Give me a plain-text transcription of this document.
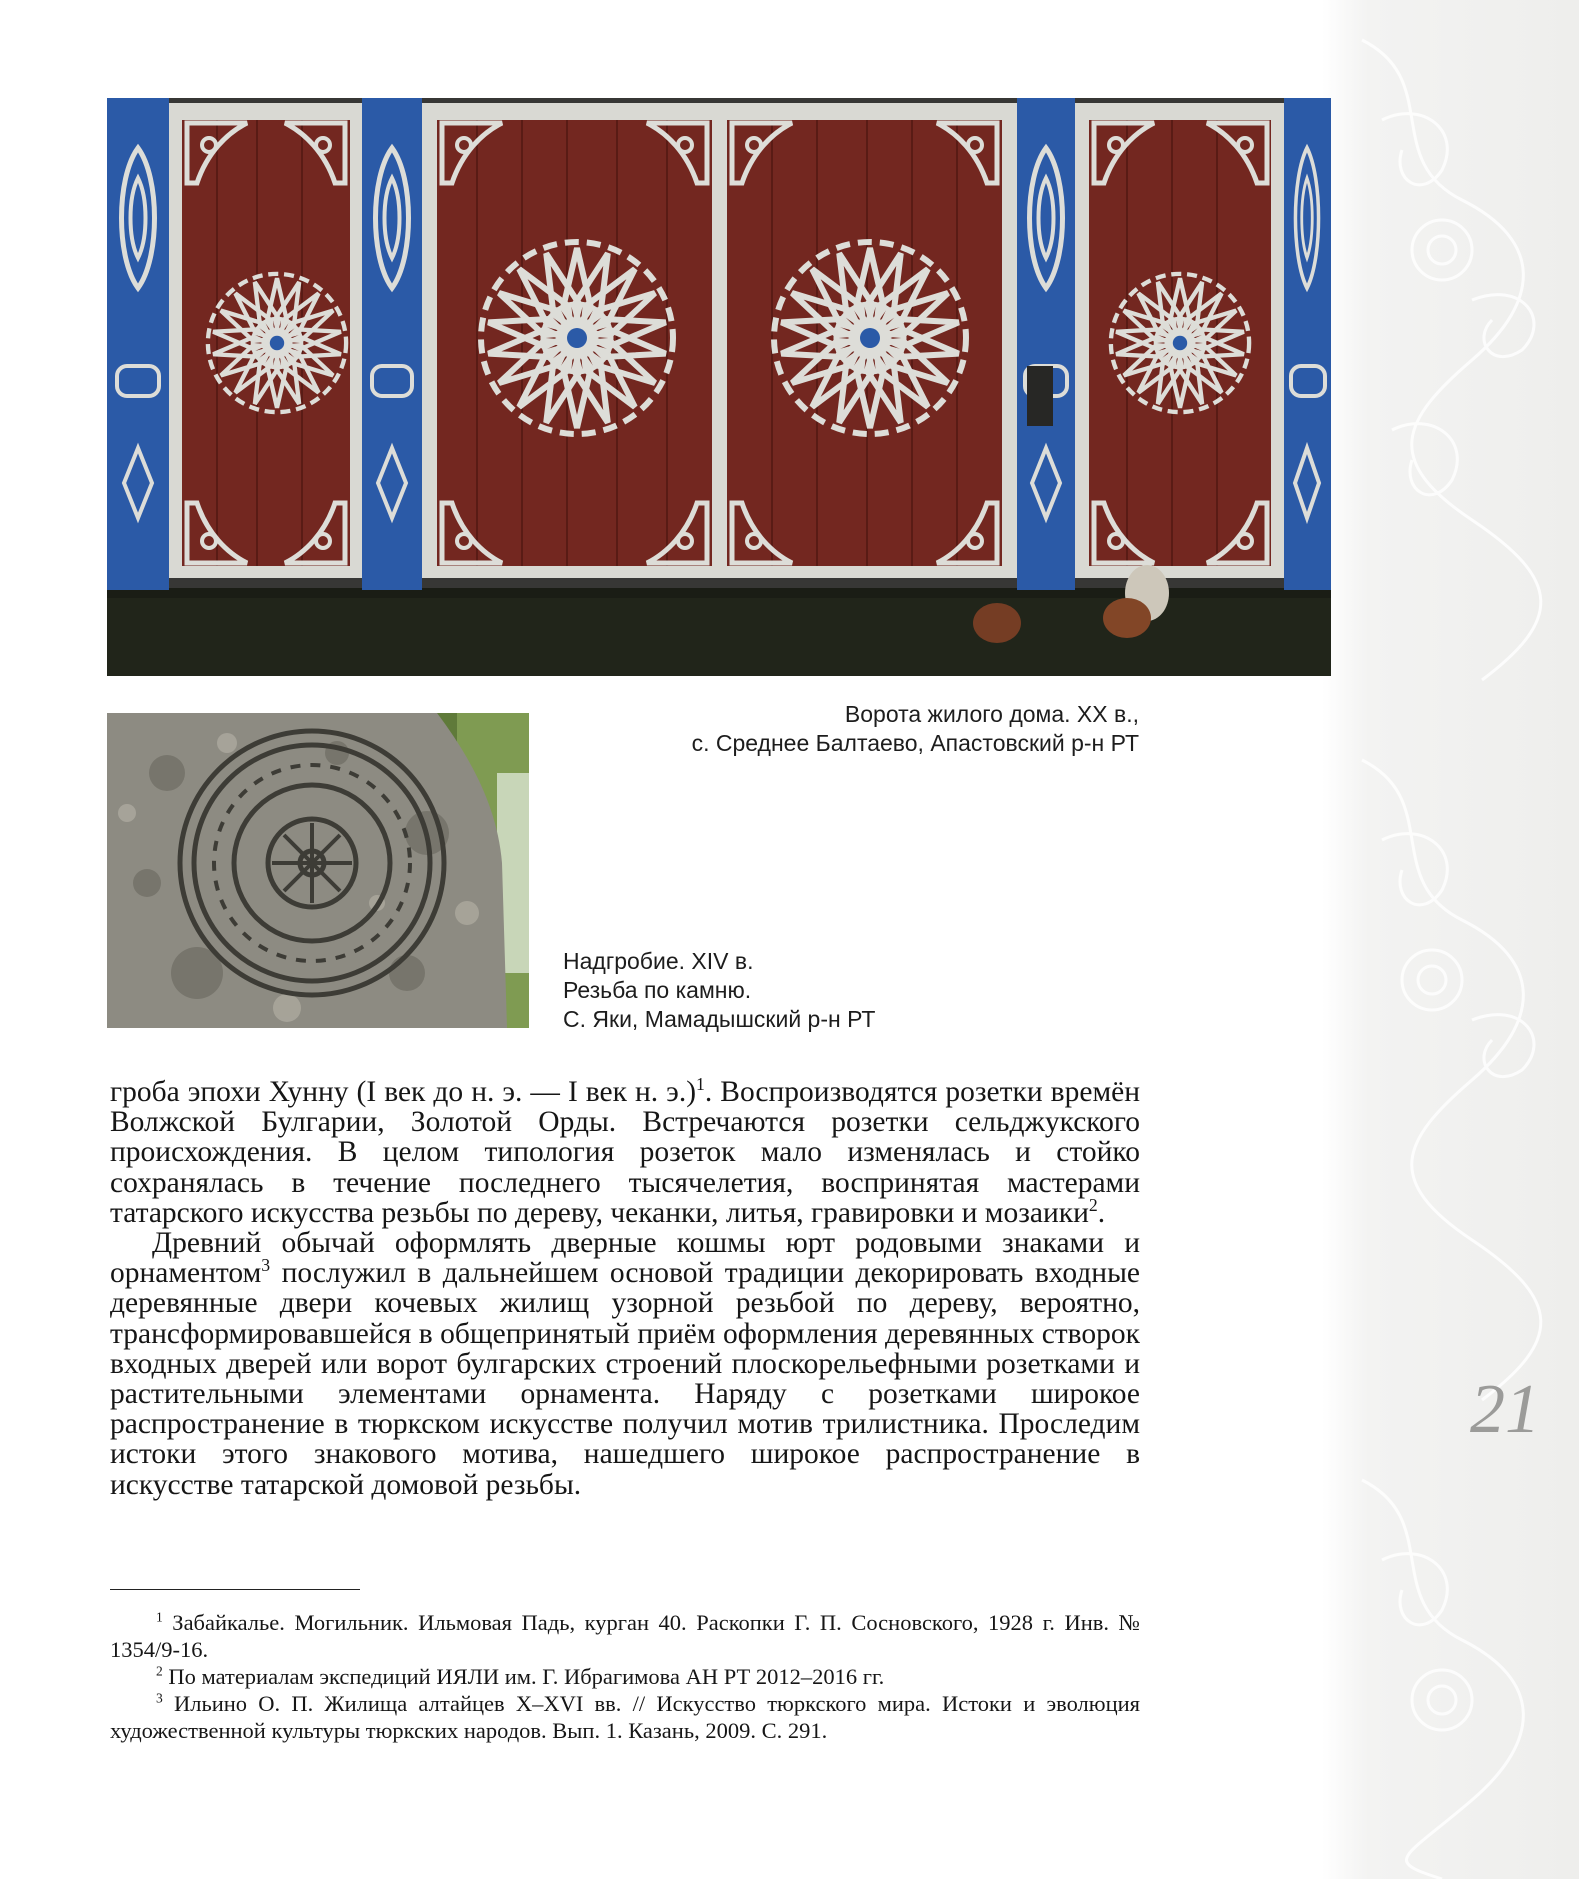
Ворота жилого дома. XX в.,
с. Среднее Балтаево, Апастовский р-н РТ
Надгробие. XIV в.
Резьба по камню.
С. Яки, Мамадышский р-н РТ

гроба эпохи Хунну (I век до н. э. — I век н. э.)$^1$. Воспроизводятся розетки времён Волжской Булгарии, Золотой Орды. Встречаются розетки сельджукского происхождения. В целом типология розеток мало изменялась и стойко сохранялась в течение последнего тысячелетия, воспринятая мастерами татарского искусства резьбы по дереву, чеканки, литья, гравировки и мозаики$^2$.

Древний обычай оформлять дверные кошмы юрт родовыми знаками и орнаментом$^3$ послужил в дальнейшем основой традиции декорировать входные деревянные двери кочевых жилищ узорной резьбой по дереву, вероятно, трансформировавшейся в общепринятый приём оформления деревянных створок входных дверей или ворот булгарских строений плоскорельефными розетками и растительными элементами орнамента. Наряду с розетками широкое распространение в тюркском искусстве получил мотив трилистника. Проследим истоки этого знакового мотива, нашедшего широкое распространение в искусстве татарской домовой резьбы.

$^1$ Забайкалье. Могильник. Ильмовая Падь, курган 40. Раскопки Г. П. Сосновского, 1928 г. Инв. № 1354/9-16.

$^2$ По материалам экспедиций ИЯЛИ им. Г. Ибрагимова АН РТ 2012–2016 гг.

$^3$ Ильино О. П. Жилища алтайцев X–XVI вв. // Искусство тюркского мира. Истоки и эволюция художественной культуры тюркских народов. Вып. 1. Казань, 2009. С. 291.

21
